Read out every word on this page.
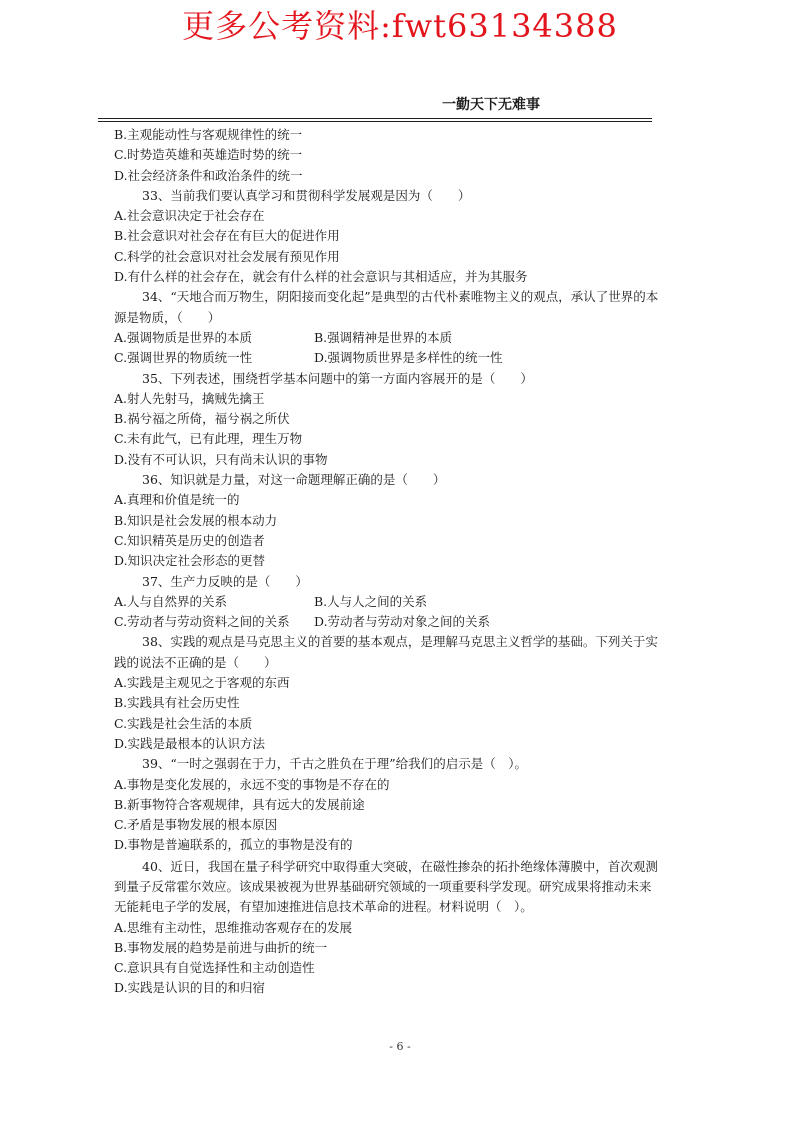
更多公考资料:fwt63134388
一勤天下无难事
B.主观能动性与客观规律性的统一
C.时势造英雄和英雄造时势的统一
D.社会经济条件和政治条件的统一
33、当前我们要认真学习和贯彻科学发展观是因为（　　）
A.社会意识决定于社会存在
B.社会意识对社会存在有巨大的促进作用
C.科学的社会意识对社会发展有预见作用
D.有什么样的社会存在，就会有什么样的社会意识与其相适应，并为其服务
34、“天地合而万物生，阴阳接而变化起”是典型的古代朴素唯物主义的观点，承认了世界的本源是物质，（　　）
A.强调物质是世界的本质	B.强调精神是世界的本质
C.强调世界的物质统一性	D.强调物质世界是多样性的统一性
35、下列表述，围绕哲学基本问题中的第一方面内容展开的是（　　）
A.射人先射马，擒贼先擒王
B.祸兮福之所倚，福兮祸之所伏
C.未有此气，已有此理，理生万物
D.没有不可认识，只有尚未认识的事物
36、知识就是力量，对这一命题理解正确的是（　　）
A.真理和价值是统一的
B.知识是社会发展的根本动力
C.知识精英是历史的创造者
D.知识决定社会形态的更替
37、生产力反映的是（　　）
A.人与自然界的关系	B.人与人之间的关系
C.劳动者与劳动资料之间的关系	D.劳动者与劳动对象之间的关系
38、实践的观点是马克思主义的首要的基本观点，是理解马克思主义哲学的基础。下列关于实践的说法不正确的是（　　）
A.实践是主观见之于客观的东西
B.实践具有社会历史性
C.实践是社会生活的本质
D.实践是最根本的认识方法
39、“一时之强弱在于力，千古之胜负在于理”给我们的启示是（　）。
A.事物是变化发展的，永远不变的事物是不存在的
B.新事物符合客观规律，具有远大的发展前途
C.矛盾是事物发展的根本原因
D.事物是普遍联系的，孤立的事物是没有的
40、近日，我国在量子科学研究中取得重大突破，在磁性掺杂的拓扑绝缘体薄膜中，首次观测到量子反常霍尔效应。该成果被视为世界基础研究领域的一项重要科学发现。研究成果将推动未来无能耗电子学的发展，有望加速推进信息技术革命的进程。材料说明（　）。
A.思维有主动性，思维推动客观存在的发展
B.事物发展的趋势是前进与曲折的统一
C.意识具有自觉选择性和主动创造性
D.实践是认识的目的和归宿
- 6 -
